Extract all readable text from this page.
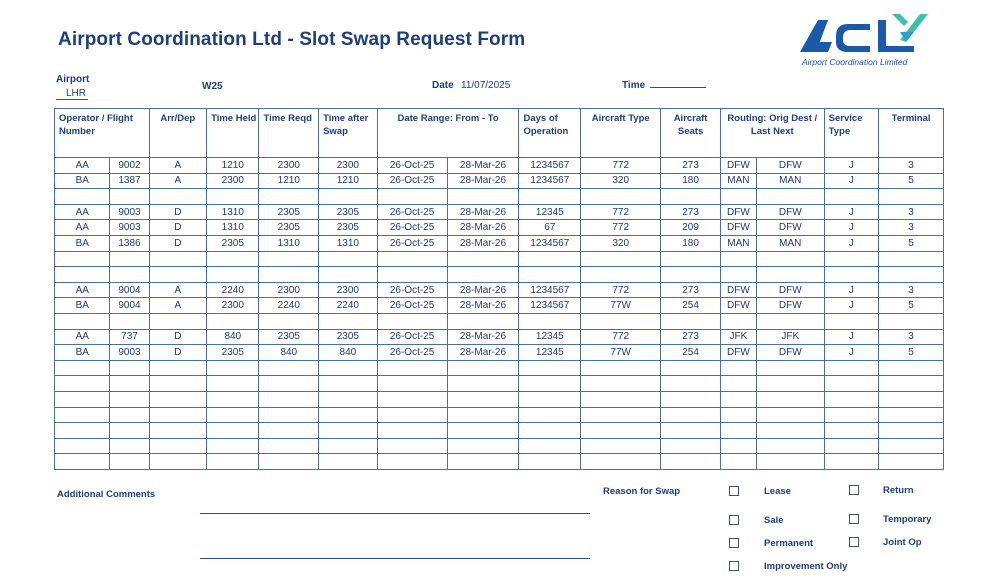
Airport Coordination Ltd - Slot Swap Request Form
Airport Coordination Limited
Airport
LHR
W25	Date 11/07/2025	Time
Operator / Flight Number		Arr/Dep	Time Held	Time Reqd	Time after Swap	Date Range: From - To		Days of Operation	Aircraft Type	Aircraft Seats	Routing: Orig Dest / Last Next		Service Type	Terminal
AA	9002	A	1210	2300	2300	26-Oct-25	28-Mar-26	1234567	772	273	DFW	DFW	J	3
BA	1387	A	2300	1210	1210	26-Oct-25	28-Mar-26	1234567	320	180	MAN	MAN	J	5

AA	9003	D	1310	2305	2305	26-Oct-25	28-Mar-26	12345	772	273	DFW	DFW	J	3
AA	9003	D	1310	2305	2305	26-Oct-25	28-Mar-26	67	772	209	DFW	DFW	J	3
BA	1386	D	2305	1310	1310	26-Oct-25	28-Mar-26	1234567	320	180	MAN	MAN	J	5

AA	9004	A	2240	2300	2300	26-Oct-25	28-Mar-26	1234567	772	273	DFW	DFW	J	3
BA	9004	A	2300	2240	2240	26-Oct-25	28-Mar-26	1234567	77W	254	DFW	DFW	J	5

AA	737	D	840	2305	2305	26-Oct-25	28-Mar-26	12345	772	273	JFK	JFK	J	3
BA	9003	D	2305	840	840	26-Oct-25	28-Mar-26	12345	77W	254	DFW	DFW	J	5

Additional Comments	Reason for Swap	Lease	Return
Sale	Temporary
Permanent	Joint Op
Improvement Only
